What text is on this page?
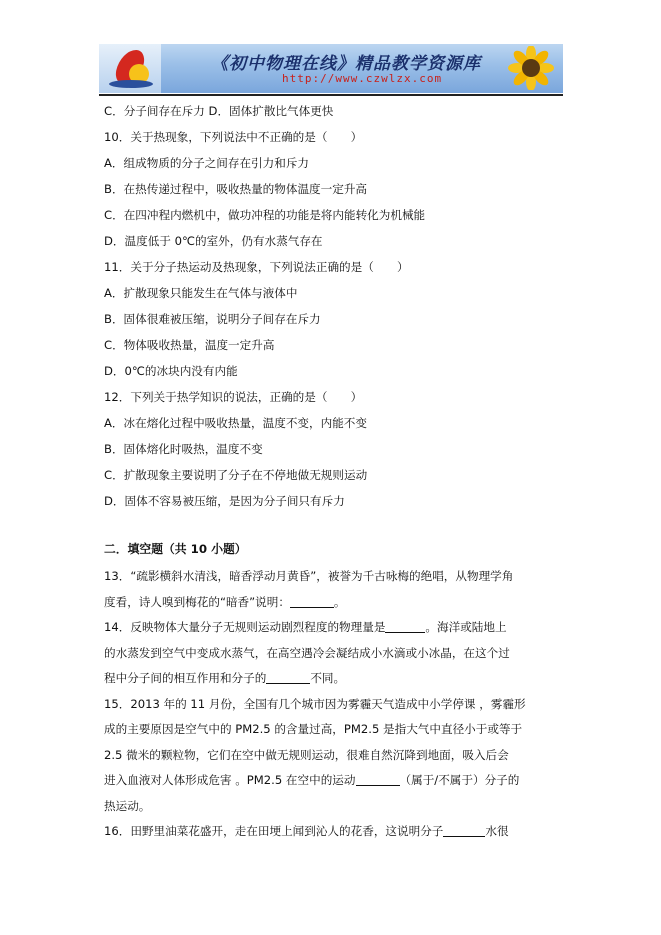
《初中物理在线》精品教学资源库
http://www.czwlzx.com
C．分子间存在斥力 D．固体扩散比气体更快
10．关于热现象，下列说法中不正确的是（　　）
A．组成物质的分子之间存在引力和斥力
B．在热传递过程中，吸收热量的物体温度一定升高
C．在四冲程内燃机中，做功冲程的功能是将内能转化为机械能
D．温度低于 0℃的室外，仍有水蒸气存在
11．关于分子热运动及热现象，下列说法正确的是（　　）
A．扩散现象只能发生在气体与液体中
B．固体很难被压缩，说明分子间存在斥力
C．物体吸收热量，温度一定升高
D．0℃的冰块内没有内能
12．下列关于热学知识的说法，正确的是（　　）
A．冰在熔化过程中吸收热量，温度不变，内能不变
B．固体熔化时吸热，温度不变
C．扩散现象主要说明了分子在不停地做无规则运动
D．固体不容易被压缩，是因为分子间只有斥力
二．填空题（共 10 小题）
13．“疏影横斜水清浅，暗香浮动月黄昏”，被誉为千古咏梅的绝唱，从物理学角
度看，诗人嗅到梅花的“暗香”说明：	。
14．反映物体大量分子无规则运动剧烈程度的物理量是	。海洋或陆地上
的水蒸发到空气中变成水蒸气，在高空遇冷会凝结成小水滴或小冰晶，在这个过
程中分子间的相互作用和分子的	不同。
15．2013 年的 11 月份，全国有几个城市因为雾霾天气造成中小学停课 ，雾霾形
成的主要原因是空气中的 PM2.5 的含量过高，PM2.5 是指大气中直径小于或等于
2.5 微米的颗粒物，它们在空中做无规则运动，很难自然沉降到地面，吸入后会
进入血液对人体形成危害 。PM2.5 在空中的运动	（属于/不属于）分子的
热运动。
16．田野里油菜花盛开，走在田埂上闻到沁人的花香，这说明分子	水很
